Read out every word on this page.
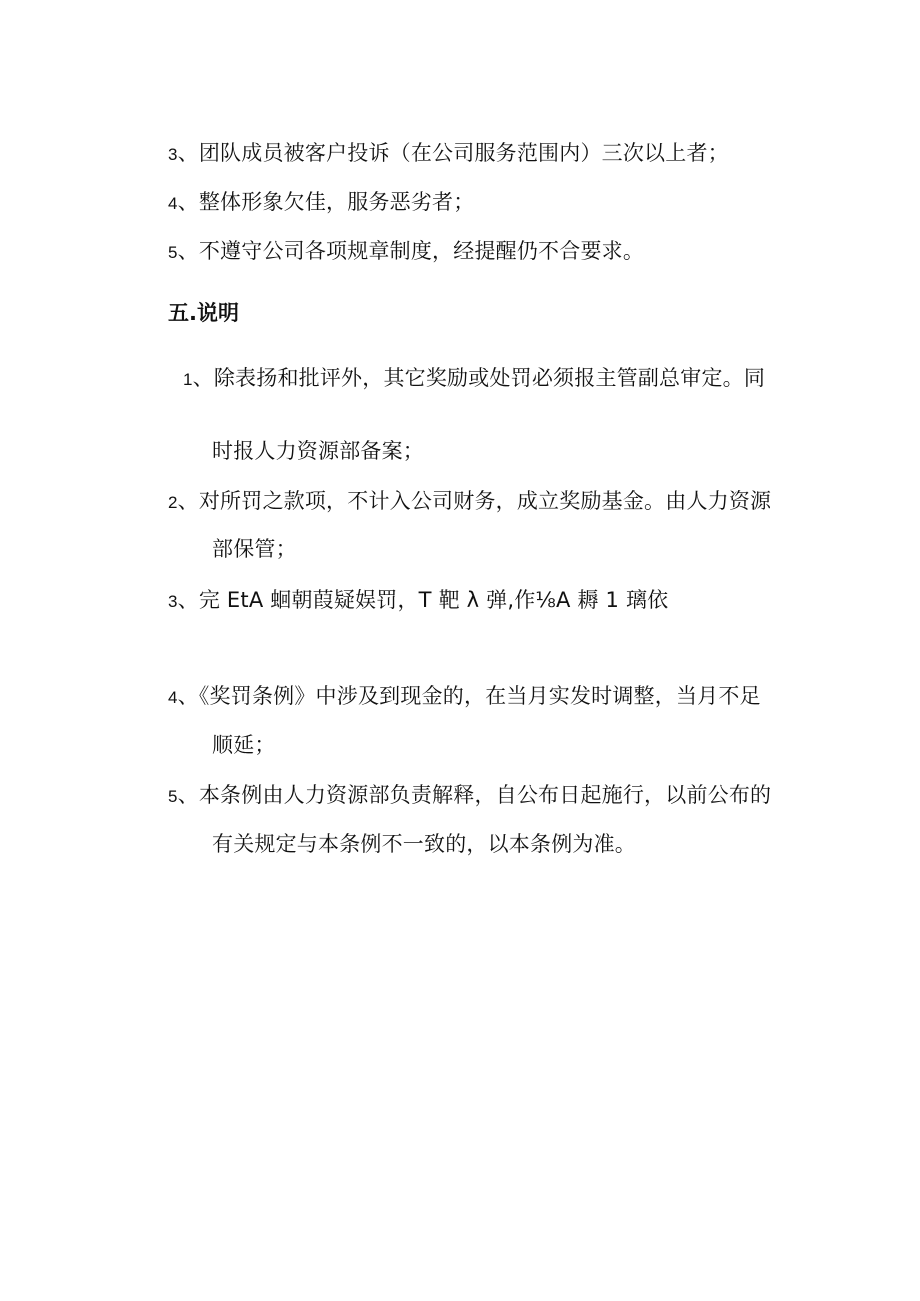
3、团队成员被客户投诉（在公司服务范围内）三次以上者；
4、整体形象欠佳，服务恶劣者；
5、不遵守公司各项规章制度，经提醒仍不合要求。
五.说明
1、除表扬和批评外，其它奖励或处罚必须报主管副总审定。同
时报人力资源部备案；
2、对所罚之款项，不计入公司财务，成立奖励基金。由人力资源
部保管；
3、完 EtA 蛔朝葭疑娱罚，T 靶 λ 弹,作⅛A 耨 1 璃依
4、《奖罚条例》中涉及到现金的，在当月实发时调整，当月不足
顺延；
5、本条例由人力资源部负责解释，自公布日起施行，以前公布的
有关规定与本条例不一致的，以本条例为准。
